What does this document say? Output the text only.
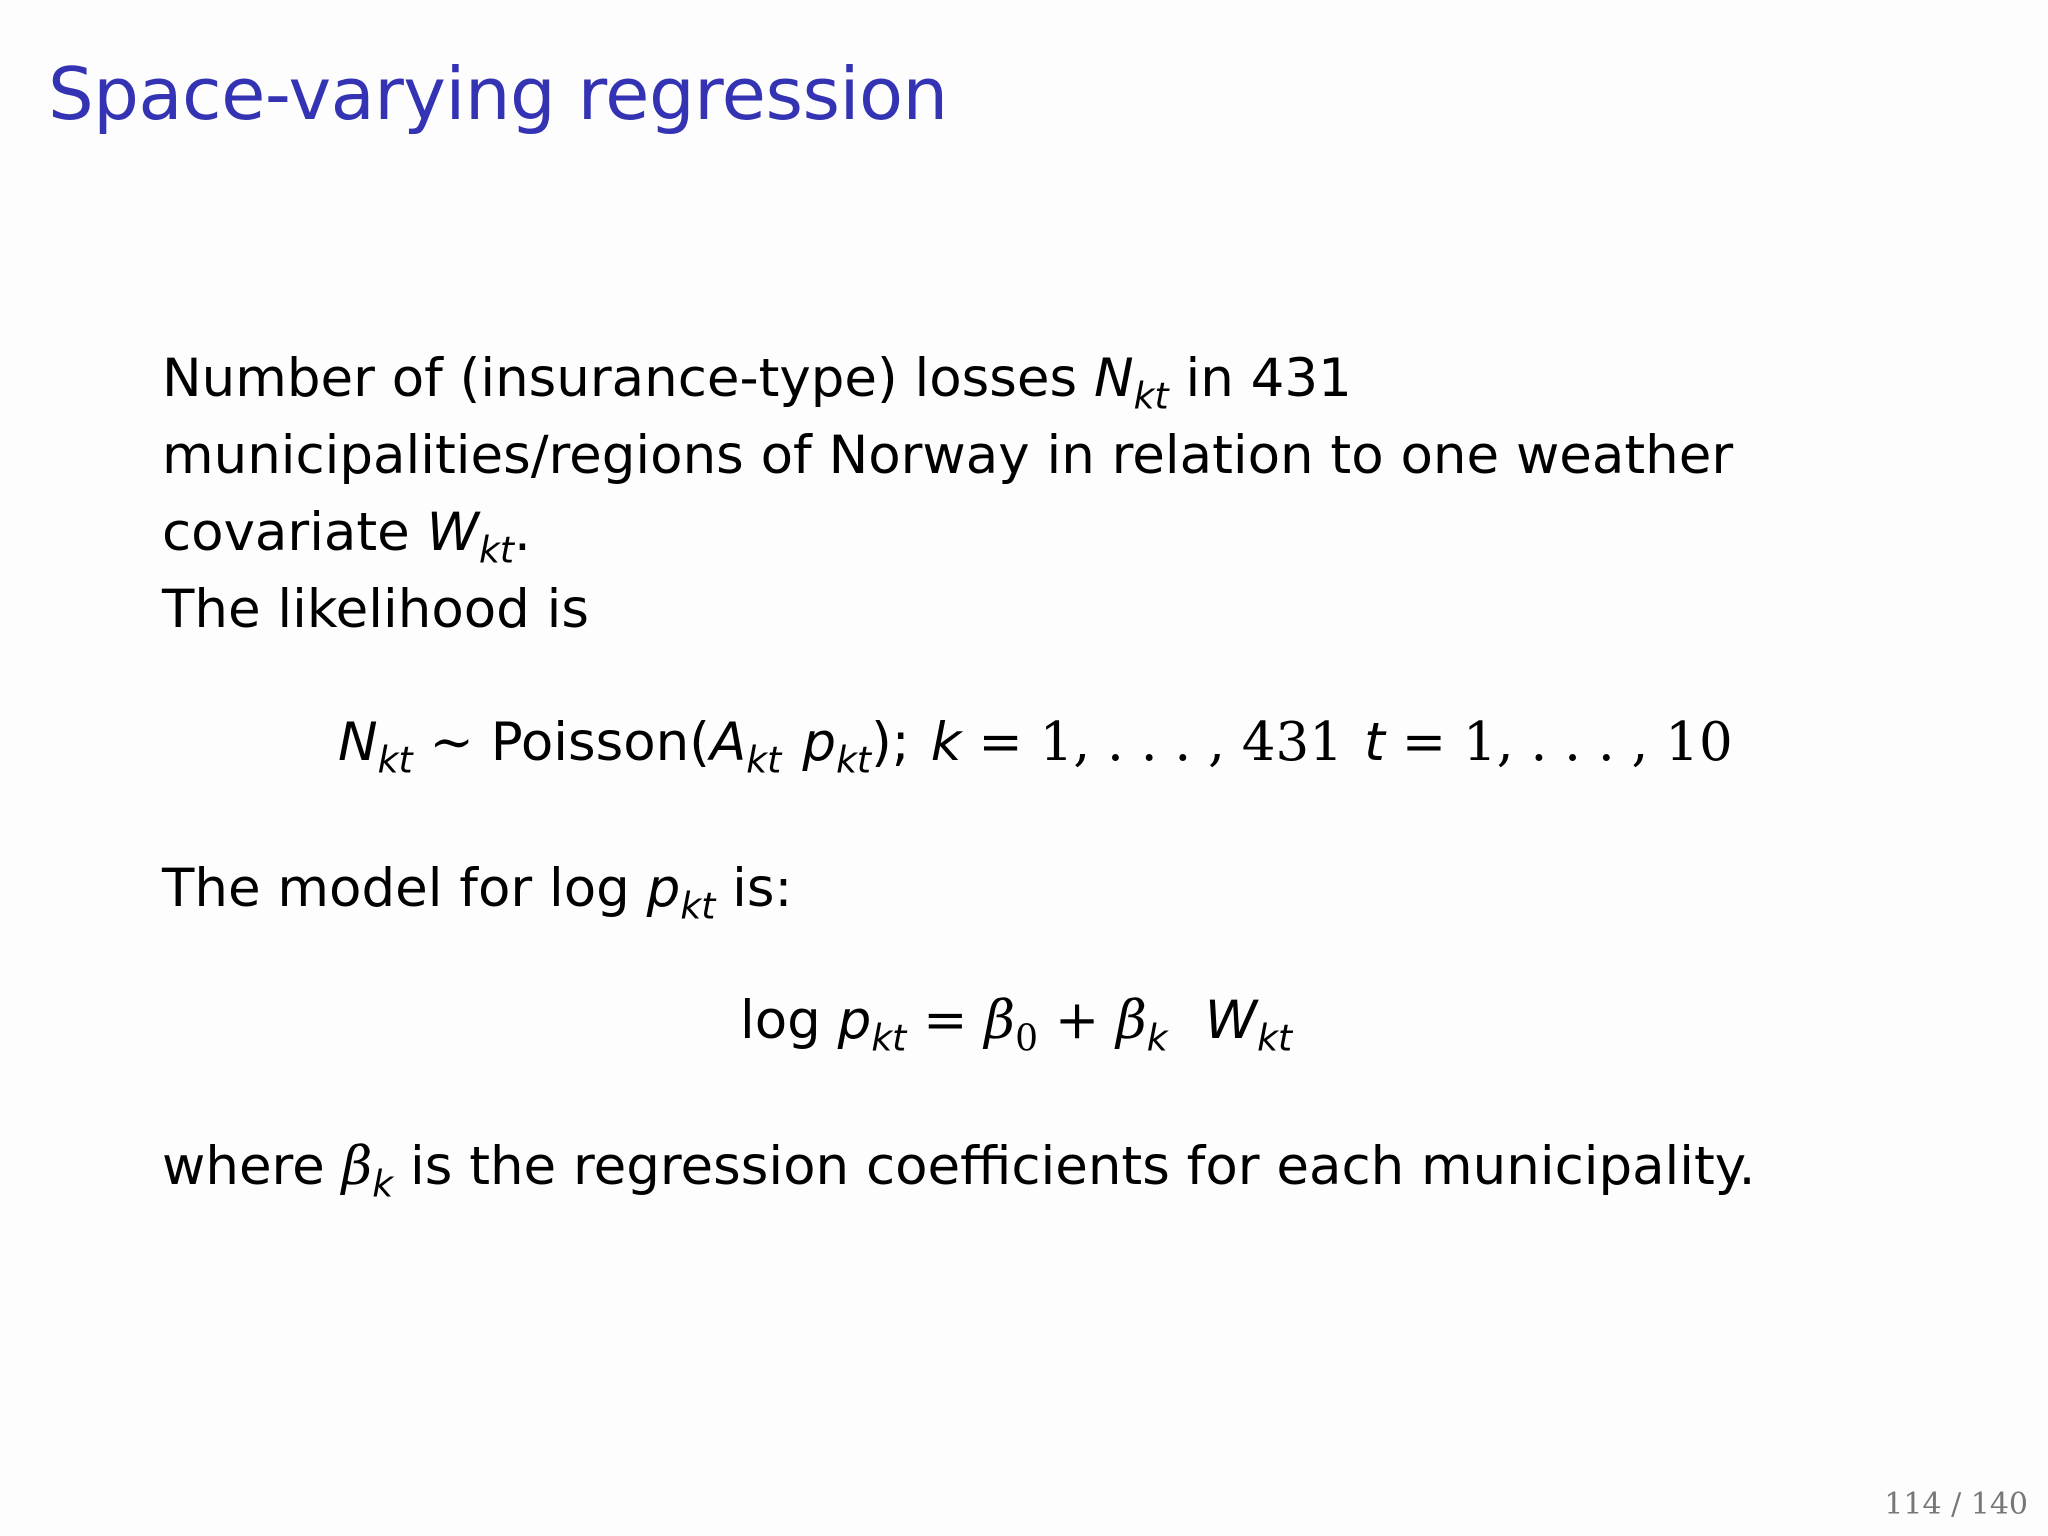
Space-varying regression
Number of (insurance-type) losses $N_{kt}$ in 431
municipalities/regions of Norway in relation to one weather
covariate $W_{kt}$.
The likelihood is
$N_{kt}$ ∼ $Poisson(A_{kt}$ $p_{kt}$); k = 1, . . . , 431 t = 1, . . . , 10
The model for $\log p_{kt}$ is:
$\log p_{kt} = \beta_0 + \beta_k$ $W_{kt}$
where $\beta_k$ is the regression coefficients for each municipality.
114 / 140
